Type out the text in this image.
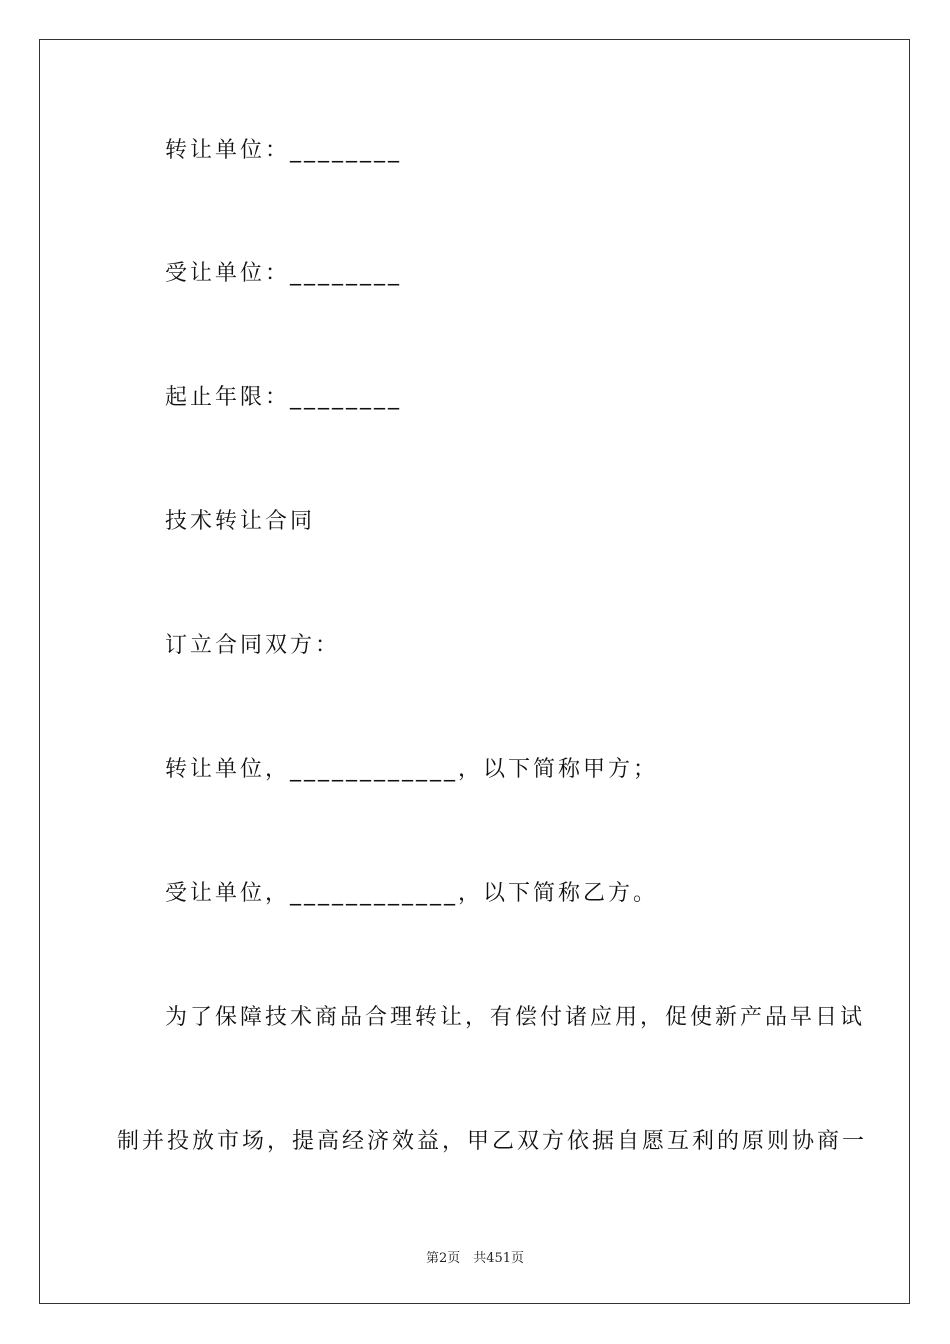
转让单位：________
受让单位：________
起止年限：________
技术转让合同
订立合同双方：
转让单位，____________，以下简称甲方；
受让单位，____________，以下简称乙方。
为了保障技术商品合理转让，有偿付诸应用，促使新产品早日试
制并投放市场，提高经济效益，甲乙双方依据自愿互利的原则协商一
第2页　共451页
